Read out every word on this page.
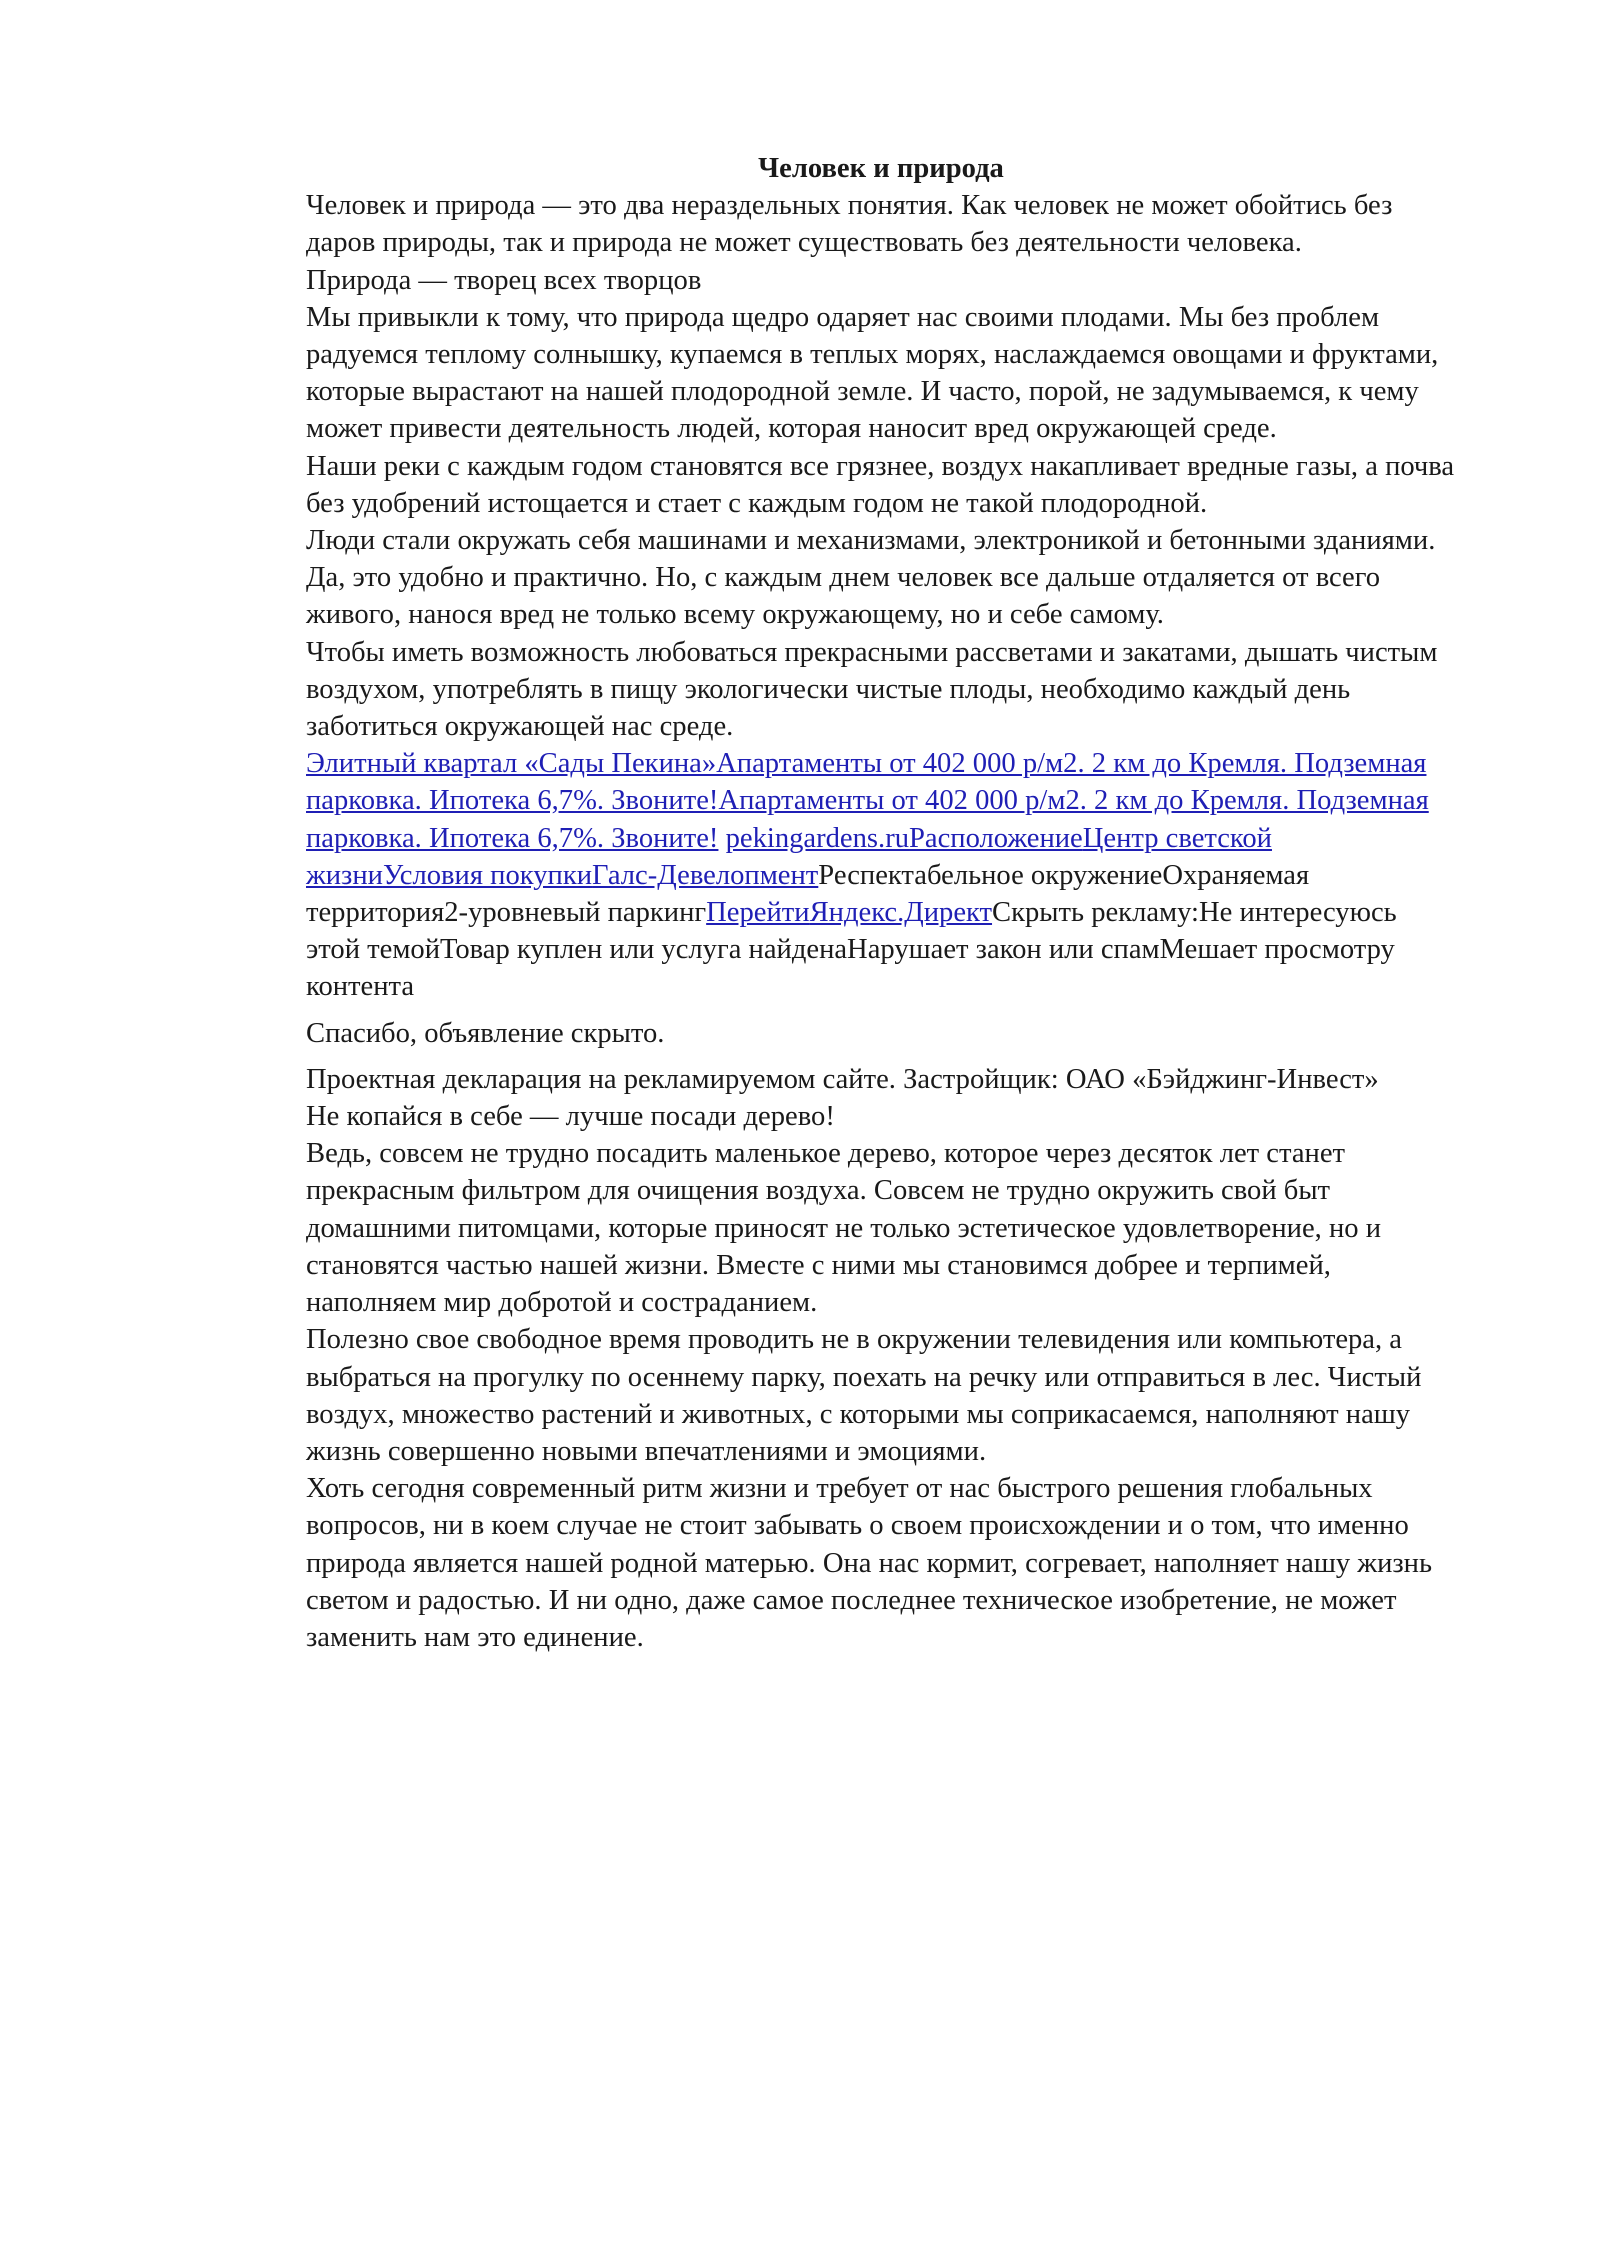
Человек и природа

Человек и природа — это два нераздельных понятия. Как человек не может обойтись без даров природы, так и природа не может существовать без деятельности человека.

Природа — творец всех творцов

Мы привыкли к тому, что природа щедро одаряет нас своими плодами. Мы без проблем радуемся теплому солнышку, купаемся в теплых морях, наслаждаемся овощами и фруктами, которые вырастают на нашей плодородной земле. И часто, порой, не задумываемся, к чему может привести деятельность людей, которая наносит вред окружающей среде.

Наши реки с каждым годом становятся все грязнее, воздух накапливает вредные газы, а почва без удобрений истощается и стает с каждым годом не такой плодородной.

Люди стали окружать себя машинами и механизмами, электроникой и бетонными зданиями. Да, это удобно и практично. Но, с каждым днем человек все дальше отдаляется от всего живого, нанося вред не только всему окружающему, но и себе самому.

Чтобы иметь возможность любоваться прекрасными рассветами и закатами, дышать чистым воздухом, употреблять в пищу экологически чистые плоды, необходимо каждый день заботиться окружающей нас среде.

Элитный квартал «Сады Пекина»Апартаменты от 402 000 р/м2. 2 км до Кремля. Подземная парковка. Ипотека 6,7%. Звоните!Апартаменты от 402 000 р/м2. 2 км до Кремля. Подземная парковка. Ипотека 6,7%. Звоните! pekingardens.ruРасположениеЦентр светской жизниУсловия покупкиГалс-ДевелопментРеспектабельное окружениеОхраняемая территория2-уровневый паркингПерейтиЯндекс.ДиректСкрыть рекламу:Не интересуюсь этой темойТовар куплен или услуга найденаНарушает закон или спамМешает просмотру контента

Спасибо, объявление скрыто.

Проектная декларация на рекламируемом сайте. Застройщик: ОАО «Бэйджинг-Инвест»

Не копайся в себе — лучше посади дерево!

Ведь, совсем не трудно посадить маленькое дерево, которое через десяток лет станет прекрасным фильтром для очищения воздуха. Совсем не трудно окружить свой быт домашними питомцами, которые приносят не только эстетическое удовлетворение, но и становятся частью нашей жизни. Вместе с ними мы становимся добрее и терпимей, наполняем мир добротой и состраданием.

Полезно свое свободное время проводить не в окружении телевидения или компьютера, а выбраться на прогулку по осеннему парку, поехать на речку или отправиться в лес. Чистый воздух, множество растений и животных, с которыми мы соприкасаемся, наполняют нашу жизнь совершенно новыми впечатлениями и эмоциями.

Хоть сегодня современный ритм жизни и требует от нас быстрого решения глобальных вопросов, ни в коем случае не стоит забывать о своем происхождении и о том, что именно природа является нашей родной матерью. Она нас кормит, согревает, наполняет нашу жизнь светом и радостью. И ни одно, даже самое последнее техническое изобретение, не может заменить нам это единение.
